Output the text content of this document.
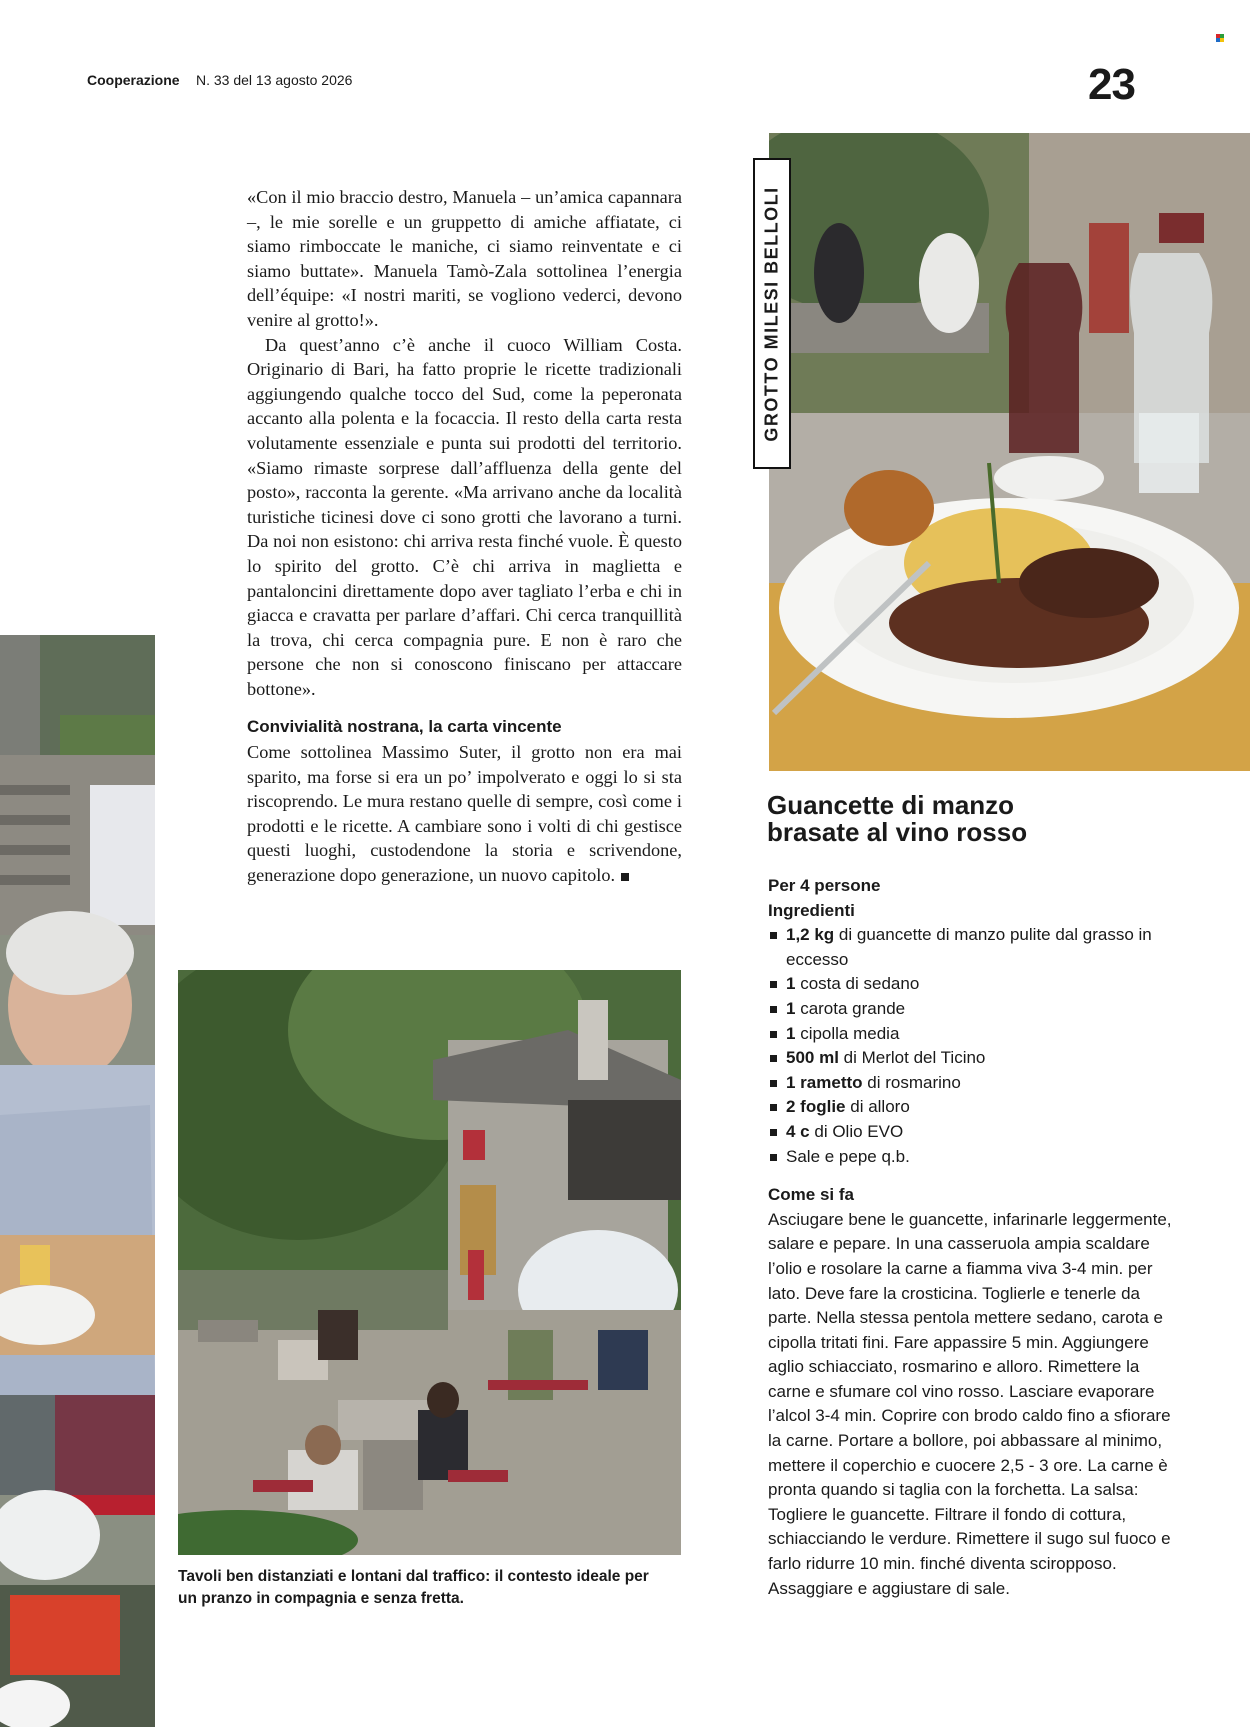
Cooperazione N. 33 del 13 agosto 2026	23

«Con il mio braccio destro, Manuela – un’amica capannara –, le mie sorelle e un gruppetto di amiche affiatate, ci siamo rimboccate le maniche, ci siamo reinventate e ci siamo buttate». Manuela Tamò-Zala sottolinea l’energia dell’équipe: «I nostri mariti, se vogliono vederci, devono venire al grotto!».

Da quest’anno c’è anche il cuoco William Costa. Originario di Bari, ha fatto proprie le ricette tradizionali aggiungendo qualche tocco del Sud, come la peperonata accanto alla polenta e la focaccia. Il resto della carta resta volutamente essenziale e punta sui prodotti del territorio. «Siamo rimaste sorprese dall’affluenza della gente del posto», racconta la gerente. «Ma arrivano anche da località turistiche ticinesi dove ci sono grotti che lavorano a turni. Da noi non esistono: chi arriva resta finché vuole. È questo lo spirito del grotto. C’è chi arriva in maglietta e pantaloncini direttamente dopo aver tagliato l’erba e chi in giacca e cravatta per parlare d’affari. Chi cerca tranquillità la trova, chi cerca compagnia pure. E non è raro che persone che non si conoscono finiscano per attaccare bottone».

Convivialità nostrana, la carta vincente

Come sottolinea Massimo Suter, il grotto non era mai sparito, ma forse si era un po’ impolverato e oggi lo si sta riscoprendo. Le mura restano quelle di sempre, così come i prodotti e le ricette. A cambiare sono i volti di chi gestisce questi luoghi, custodendone la storia e scrivendone, generazione dopo generazione, un nuovo capitolo.

Tavoli ben distanziati e lontani dal traffico: il contesto ideale per un pranzo in compagnia e senza fretta.
GROTTO MILESI BELLOLI
Guancette di manzo
brasate al vino rosso
Per 4 persone
Ingredienti
1,2 kg di guancette di manzo pulite dal grasso in eccesso
1 costa di sedano
1 carota grande
1 cipolla media
500 ml di Merlot del Ticino
1 rametto di rosmarino
2 foglie di alloro
4 c di Olio EVO
Sale e pepe q.b.
Come si fa
Asciugare bene le guancette, infarinarle leggermente, salare e pepare. In una casseruola ampia scaldare l’olio e rosolare la carne a fiamma viva 3-4 min. per lato. Deve fare la crosticina. Toglierle e tenerle da parte. Nella stessa pentola mettere sedano, carota e cipolla tritati fini. Fare appassire 5 min. Aggiungere aglio schiacciato, rosmarino e alloro. Rimettere la carne e sfumare col vino rosso. Lasciare evaporare l’alcol 3-4 min. Coprire con brodo caldo fino a sfiorare la carne. Portare a bollore, poi abbassare al minimo, mettere il coperchio e cuocere 2,5 - 3 ore. La carne è pronta quando si taglia con la forchetta. La salsa: Togliere le guancette. Filtrare il fondo di cottura, schiacciando le verdure. Rimettere il sugo sul fuoco e farlo ridurre 10 min. finché diventa sciropposo. Assaggiare e aggiustare di sale.
